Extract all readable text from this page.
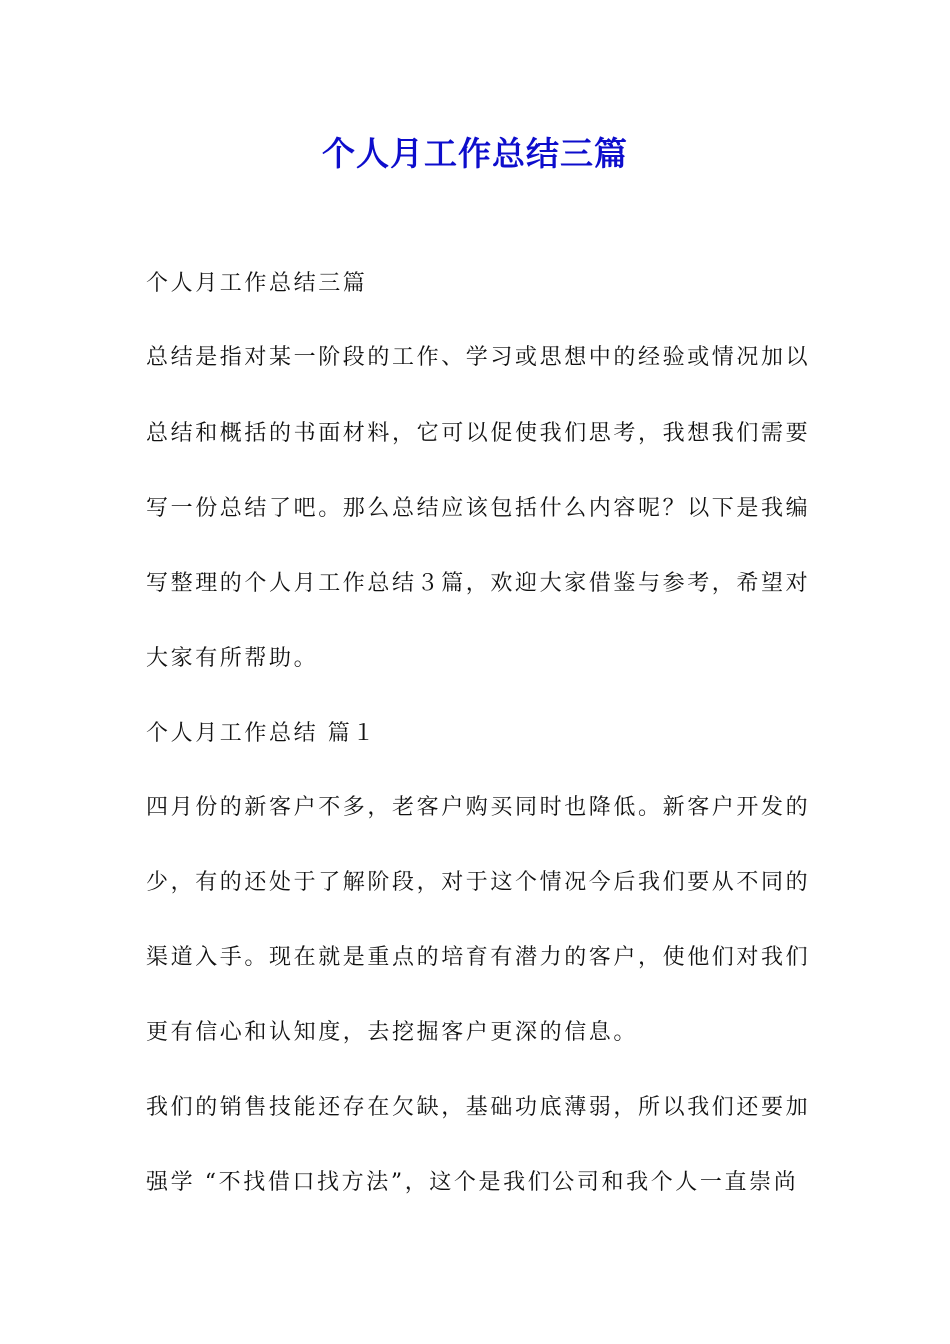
个人月工作总结三篇

个人月工作总结三篇

总结是指对某一阶段的工作、学习或思想中的经验或情况加以

总结和概括的书面材料，它可以促使我们思考，我想我们需要

写一份总结了吧。那么总结应该包括什么内容呢？以下是我编

写整理的个人月工作总结３篇，欢迎大家借鉴与参考，希望对

大家有所帮助。

个人月工作总结 篇１

四月份的新客户不多，老客户购买同时也降低。新客户开发的

少，有的还处于了解阶段，对于这个情况今后我们要从不同的

渠道入手。现在就是重点的培育有潜力的客户，使他们对我们

更有信心和认知度，去挖掘客户更深的信息。

我们的销售技能还存在欠缺，基础功底薄弱，所以我们还要加

强学 “不找借口找方法”，这个是我们公司和我个人一直崇尚
